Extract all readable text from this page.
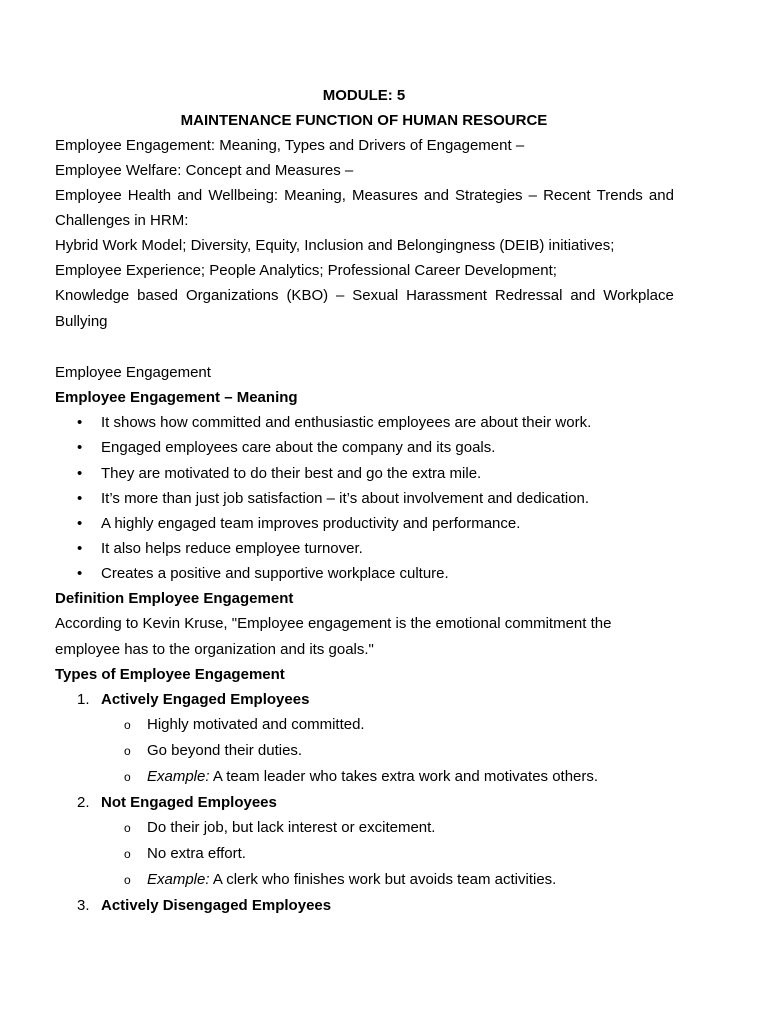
MODULE: 5
MAINTENANCE FUNCTION OF HUMAN RESOURCE
Employee Engagement: Meaning, Types and Drivers of Engagement –
Employee Welfare: Concept and Measures –
Employee Health and Wellbeing: Meaning, Measures and Strategies – Recent Trends and
Challenges in HRM:
Hybrid Work Model; Diversity, Equity, Inclusion and Belongingness (DEIB) initiatives;
Employee Experience; People Analytics; Professional Career Development;
Knowledge based Organizations (KBO) – Sexual Harassment Redressal and Workplace
Bullying
Employee Engagement
Employee Engagement – Meaning
• It shows how committed and enthusiastic employees are about their work.
• Engaged employees care about the company and its goals.
• They are motivated to do their best and go the extra mile.
• It’s more than just job satisfaction – it’s about involvement and dedication.
• A highly engaged team improves productivity and performance.
• It also helps reduce employee turnover.
• Creates a positive and supportive workplace culture.
Definition Employee Engagement
According to Kevin Kruse, "Employee engagement is the emotional commitment the
employee has to the organization and its goals."
Types of Employee Engagement
1. Actively Engaged Employees
o Highly motivated and committed.
o Go beyond their duties.
o Example: A team leader who takes extra work and motivates others.
2. Not Engaged Employees
o Do their job, but lack interest or excitement.
o No extra effort.
o Example: A clerk who finishes work but avoids team activities.
3. Actively Disengaged Employees
